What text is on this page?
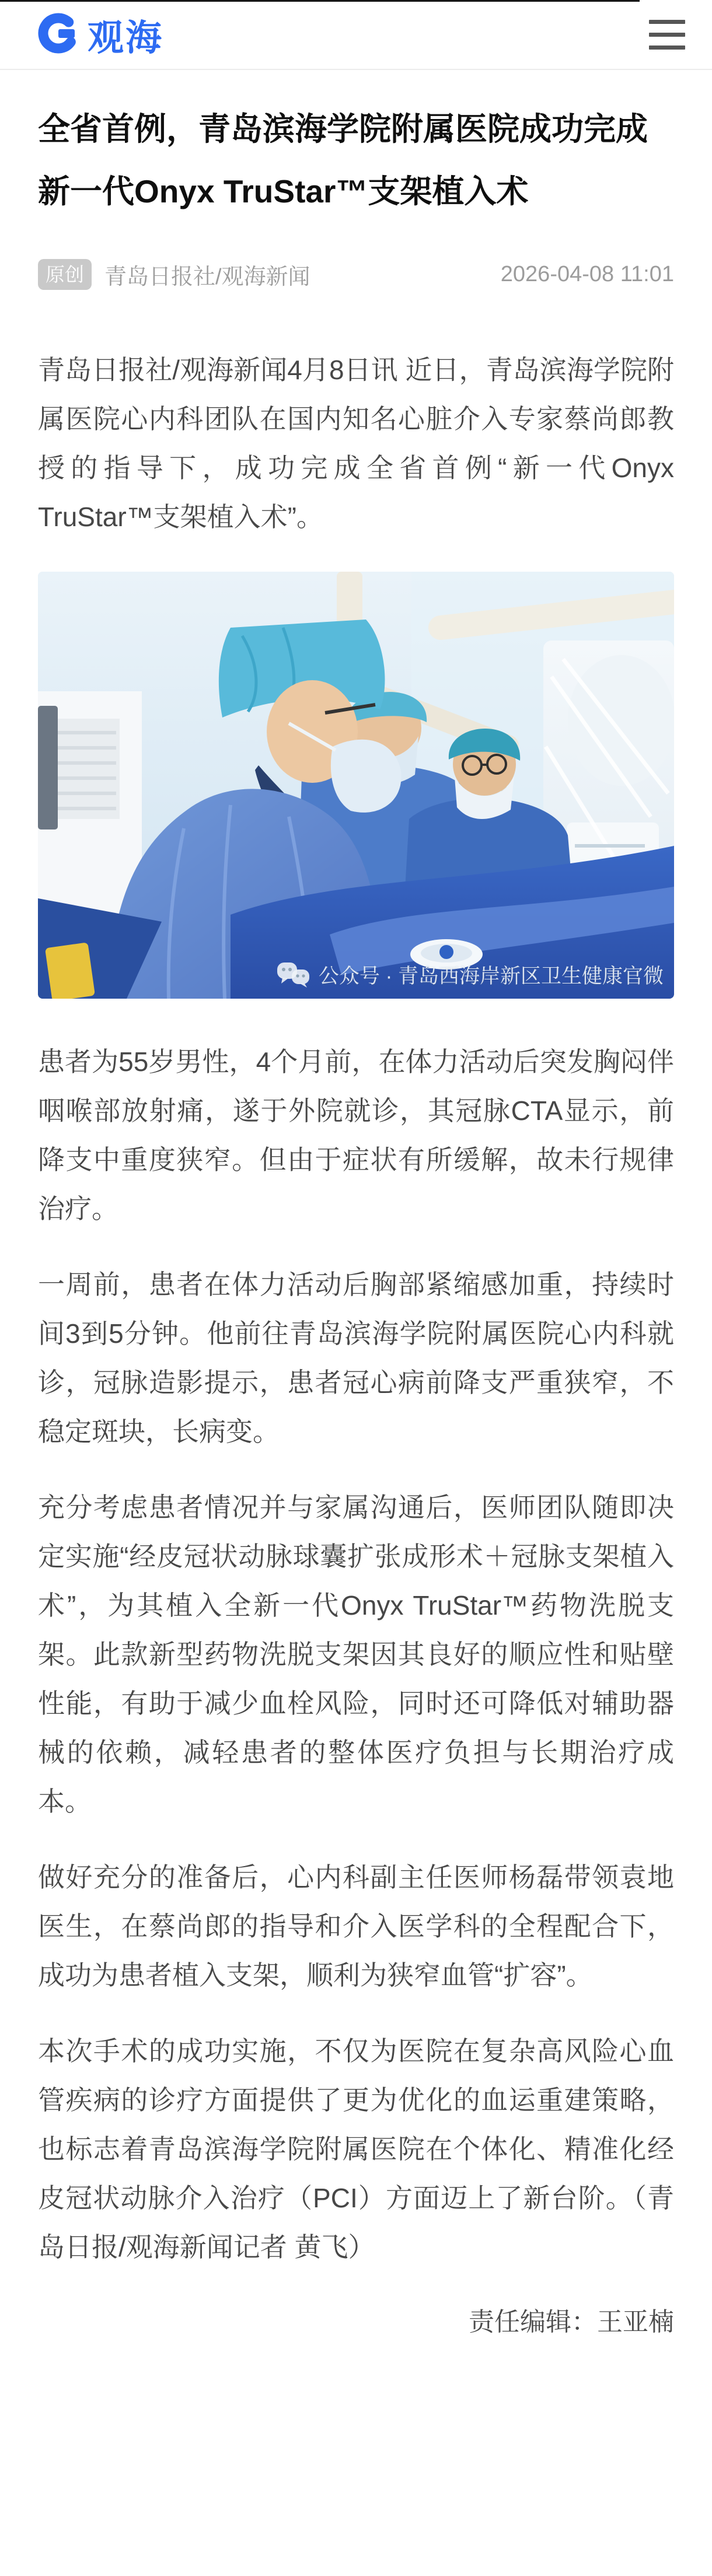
观海
全省首例，青岛滨海学院附属医院成功完成新一代Onyx TruStar™支架植入术
原创 青岛日报社/观海新闻	2026-04-08 11:01

青岛日报社/观海新闻4月8日讯 近日，青岛滨海学院附属医院心内科团队在国内知名心脏介入专家蔡尚郎教授的指导下，成功完成全省首例“新一代Onyx TruStar™支架植入术”。

公众号 · 青岛西海岸新区卫生健康官微

患者为55岁男性，4个月前，在体力活动后突发胸闷伴咽喉部放射痛，遂于外院就诊，其冠脉CTA显示，前降支中重度狭窄。但由于症状有所缓解，故未行规律治疗。

一周前，患者在体力活动后胸部紧缩感加重，持续时间3到5分钟。他前往青岛滨海学院附属医院心内科就诊，冠脉造影提示，患者冠心病前降支严重狭窄，不稳定斑块，长病变。

充分考虑患者情况并与家属沟通后，医师团队随即决定实施“经皮冠状动脉球囊扩张成形术＋冠脉支架植入术”，为其植入全新一代Onyx TruStar™药物洗脱支架。此款新型药物洗脱支架因其良好的顺应性和贴壁性能，有助于减少血栓风险，同时还可降低对辅助器械的依赖，减轻患者的整体医疗负担与长期治疗成本。

做好充分的准备后，心内科副主任医师杨磊带领袁地医生，在蔡尚郎的指导和介入医学科的全程配合下，成功为患者植入支架，顺利为狭窄血管“扩容”。

本次手术的成功实施，不仅为医院在复杂高风险心血管疾病的诊疗方面提供了更为优化的血运重建策略，也标志着青岛滨海学院附属医院在个体化、精准化经皮冠状动脉介入治疗（PCI）方面迈上了新台阶。（青岛日报/观海新闻记者 黄飞）

责任编辑：王亚楠
